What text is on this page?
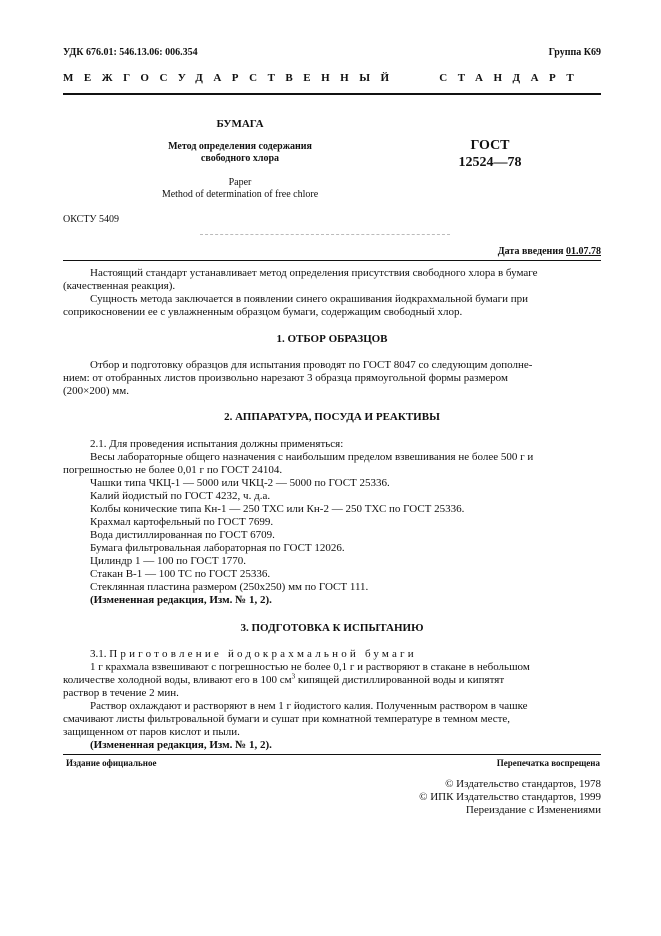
УДК 676.01: 546.13.06: 006.354	Группа К69
МЕЖГОСУДАРСТВЕННЫЙ   СТАНДАРТ
БУМАГА
Метод определения содержания
свободного хлора
Paper
Method of determination of free chlore
ГОСТ
12524—78
ОКСТУ 5409
Дата введения 01.07.78
Настоящий стандарт устанавливает метод определения присутствия свободного хлора в бумаге
(качественная реакция).
Сущность метода заключается в появлении синего окрашивания йодкрахмальной бумаги при
соприкосновении ее с увлажненным образцом бумаги, содержащим свободный хлор.
1. ОТБОР ОБРАЗЦОВ
Отбор и подготовку образцов для испытания проводят по ГОСТ 8047 со следующим дополне-
нием: от отобранных листов произвольно нарезают 3 образца прямоугольной формы размером
(200×200) мм.
2. АППАРАТУРА, ПОСУДА И РЕАКТИВЫ
2.1. Для проведения испытания должны применяться:
Весы лабораторные общего назначения с наибольшим пределом взвешивания не более 500 г и
погрешностью не более 0,01 г по ГОСТ 24104.
Чашки типа ЧКЦ-1 — 5000 или ЧКЦ-2 — 5000 по ГОСТ 25336.
Калий йодистый по ГОСТ 4232, ч. д.а.
Колбы конические типа Кн-1 — 250 ТХС или Кн-2 — 250 ТХС по ГОСТ 25336.
Крахмал картофельный по ГОСТ 7699.
Вода дистиллированная по ГОСТ 6709.
Бумага фильтровальная лабораторная по ГОСТ 12026.
Цилиндр 1 — 100 по ГОСТ 1770.
Стакан В-1 — 100 ТС по ГОСТ 25336.
Стеклянная пластина размером (250х250) мм по ГОСТ 111.
(Измененная редакция, Изм. № 1, 2).
3. ПОДГОТОВКА К ИСПЫТАНИЮ
3.1. Приготовление йодокрахмальной бумаги
1 г крахмала взвешивают с погрешностью не более 0,1 г и растворяют в стакане в небольшом
количестве холодной воды, вливают его в 100 $см^3$ кипящей дистиллированной воды и кипятят
раствор в течение 2 мин.
Раствор охлаждают и растворяют в нем 1 г йодистого калия. Полученным раствором в чашке
смачивают листы фильтровальной бумаги и сушат при комнатной температуре в темном месте,
защищенном от паров кислот и пыли.
(Измененная редакция, Изм. № 1, 2).
Издание официальное	Перепечатка воспрещена
© Издательство стандартов, 1978
© ИПК Издательство стандартов, 1999
Переиздание с Изменениями
